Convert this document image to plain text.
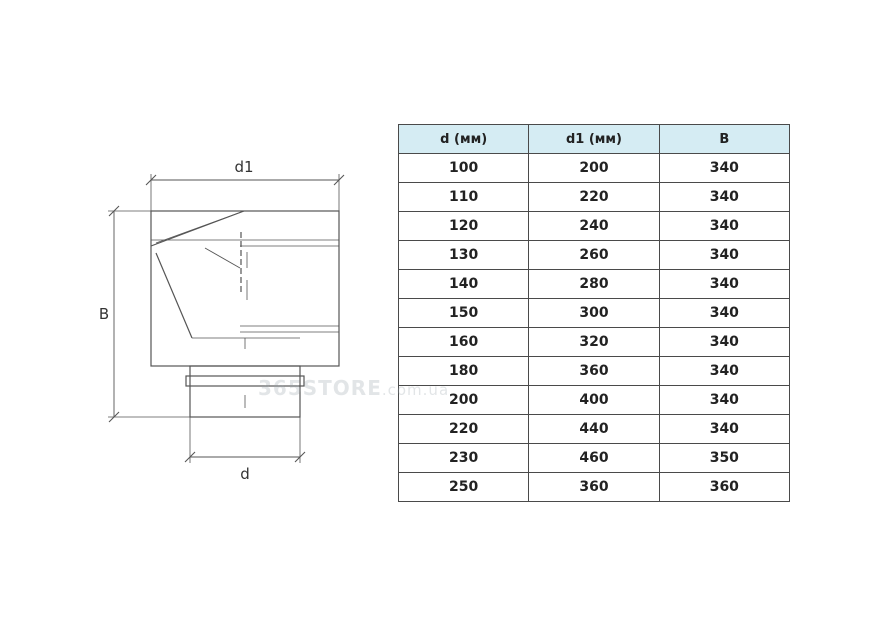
d1
B
d
d (мм)	d1 (мм)	B
100	200	340
110	220	340
120	240	340
130	260	340
140	280	340
150	300	340
160	320	340
180	360	340
200	400	340
220	440	340
230	460	350
250	360	360
365STORE.com.ua
